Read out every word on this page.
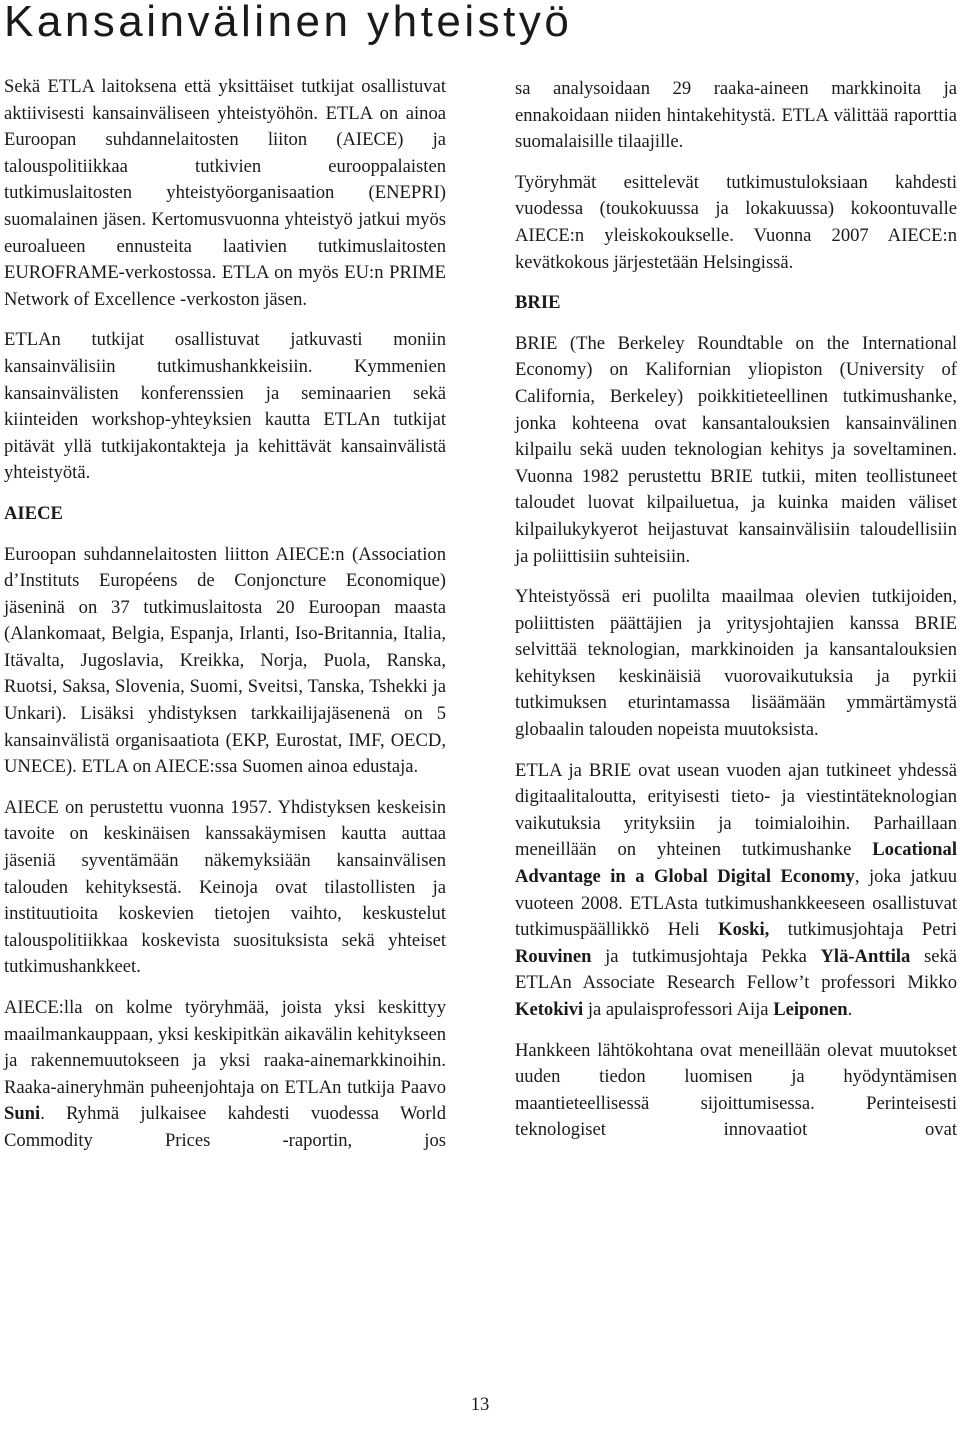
Kansainvälinen yhteistyö

Sekä ETLA laitoksena että yksittäiset tutkijat osallistuvat aktiivisesti kansainväliseen yhteistyöhön. ETLA on ainoa Euroopan suhdannelaitosten liiton (AIECE) ja talouspolitiikkaa tutkivien eurooppalaisten tutkimuslaitosten yhteistyöorganisaation (ENEPRI) suomalainen jäsen. Kertomusvuonna yhteistyö jatkui myös euroalueen ennusteita laativien tutkimuslaitosten EUROFRAME-verkostossa. ETLA on myös EU:n PRIME Network of Excellence -verkoston jäsen.

ETLAn tutkijat osallistuvat jatkuvasti moniin kansainvälisiin tutkimushankkeisiin. Kymmenien kansainvälisten konferenssien ja seminaarien sekä kiinteiden workshop-yhteyksien kautta ETLAn tutkijat pitävät yllä tutkijakontakteja ja kehittävät kansainvälistä yhteistyötä.

AIECE

Euroopan suhdannelaitosten liitton AIECE:n (Association d’Instituts Européens de Conjoncture Economique) jäseninä on 37 tutkimuslaitosta 20 Euroopan maasta (Alankomaat, Belgia, Espanja, Irlanti, Iso-Britannia, Italia, Itävalta, Jugoslavia, Kreikka, Norja, Puola, Ranska, Ruotsi, Saksa, Slovenia, Suomi, Sveitsi, Tanska, Tshekki ja Unkari). Lisäksi yhdistyksen tarkkailijajäsenenä on 5 kansainvälistä organisaatiota (EKP, Eurostat, IMF, OECD, UNECE). ETLA on AIECE:ssa Suomen ainoa edustaja.

AIECE on perustettu vuonna 1957. Yhdistyksen keskeisin tavoite on keskinäisen kanssakäymisen kautta auttaa jäseniä syventämään näkemyksiään kansainvälisen talouden kehityksestä. Keinoja ovat tilastollisten ja instituutioita koskevien tietojen vaihto, keskustelut talouspolitiikkaa koskevista suosituksista sekä yhteiset tutkimushankkeet.

AIECE:lla on kolme työryhmää, joista yksi keskittyy maailmankauppaan, yksi keskipitkän aikavälin kehitykseen ja rakennemuutokseen ja yksi raaka-ainemarkkinoihin. Raaka-aineryhmän puheenjohtaja on ETLAn tutkija Paavo Suni. Ryhmä julkaisee kahdesti vuodessa World Commodity Prices -raportin, jos

sa analysoidaan 29 raaka-aineen markkinoita ja ennakoidaan niiden hintakehitystä. ETLA välittää raporttia suomalaisille tilaajille.

Työryhmät esittelevät tutkimustuloksiaan kahdesti vuodessa (toukokuussa ja lokakuussa) kokoontuvalle AIECE:n yleiskokoukselle. Vuonna 2007 AIECE:n kevätkokous järjestetään Helsingissä.

BRIE

BRIE (The Berkeley Roundtable on the International Economy) on Kalifornian yliopiston (University of California, Berkeley) poikkitieteellinen tutkimushanke, jonka kohteena ovat kansantalouksien kansainvälinen kilpailu sekä uuden teknologian kehitys ja soveltaminen. Vuonna 1982 perustettu BRIE tutkii, miten teollistuneet taloudet luovat kilpailuetua, ja kuinka maiden väliset kilpailukykyerot heijastuvat kansainvälisiin taloudellisiin ja poliittisiin suhteisiin.

Yhteistyössä eri puolilta maailmaa olevien tutkijoiden, poliittisten päättäjien ja yritysjohtajien kanssa BRIE selvittää teknologian, markkinoiden ja kansantalouksien kehityksen keskinäisiä vuorovaikutuksia ja pyrkii tutkimuksen eturintamassa lisäämään ymmärtämystä globaalin talouden nopeista muutoksista.

ETLA ja BRIE ovat usean vuoden ajan tutkineet yhdessä digitaalitaloutta, erityisesti tieto- ja viestintäteknologian vaikutuksia yrityksiin ja toimialoihin. Parhaillaan meneillään on yhteinen tutkimushanke Locational Advantage in a Global Digital Economy, joka jatkuu vuoteen 2008. ETLAsta tutkimushankkeeseen osallistuvat tutkimuspäällikkö Heli Koski, tutkimusjohtaja Petri Rouvinen ja tutkimusjohtaja Pekka Ylä-Anttila sekä ETLAn Associate Research Fellow’t professori Mikko Ketokivi ja apulaisprofessori Aija Leiponen.

Hankkeen lähtökohtana ovat meneillään olevat muutokset uuden tiedon luomisen ja hyödyntämisen maantieteellisessä sijoittumisessa. Perinteisesti teknologiset innovaatiot ovat

13
